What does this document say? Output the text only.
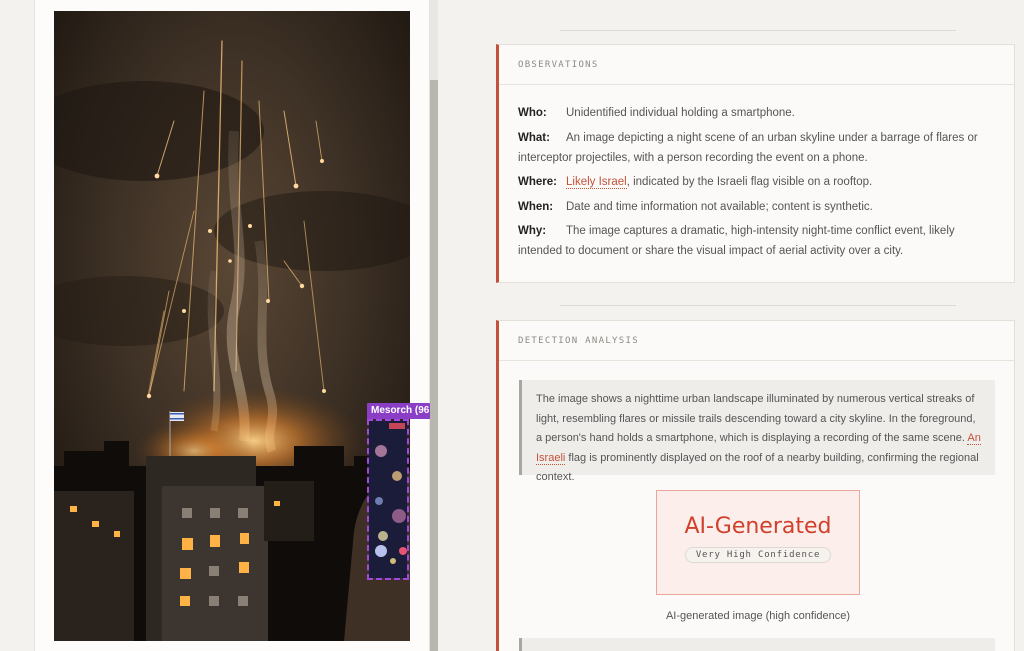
Mesorch (96
OBSERVATIONS
Who: Unidentified individual holding a smartphone.
What: An image depicting a night scene of an urban skyline under a barrage of flares or interceptor projectiles, with a person recording the event on a phone.
Where: Likely Israel, indicated by the Israeli flag visible on a rooftop.
When: Date and time information not available; content is synthetic.
Why: The image captures a dramatic, high-intensity night-time conflict event, likely intended to document or share the visual impact of aerial activity over a city.
DETECTION ANALYSIS
The image shows a nighttime urban landscape illuminated by numerous vertical streaks of light, resembling flares or missile trails descending toward a city skyline. In the foreground, a person's hand holds a smartphone, which is displaying a recording of the same scene. An Israeli flag is prominently displayed on the roof of a nearby building, confirming the regional context.
AI-Generated
Very High Confidence
AI-generated image (high confidence)
